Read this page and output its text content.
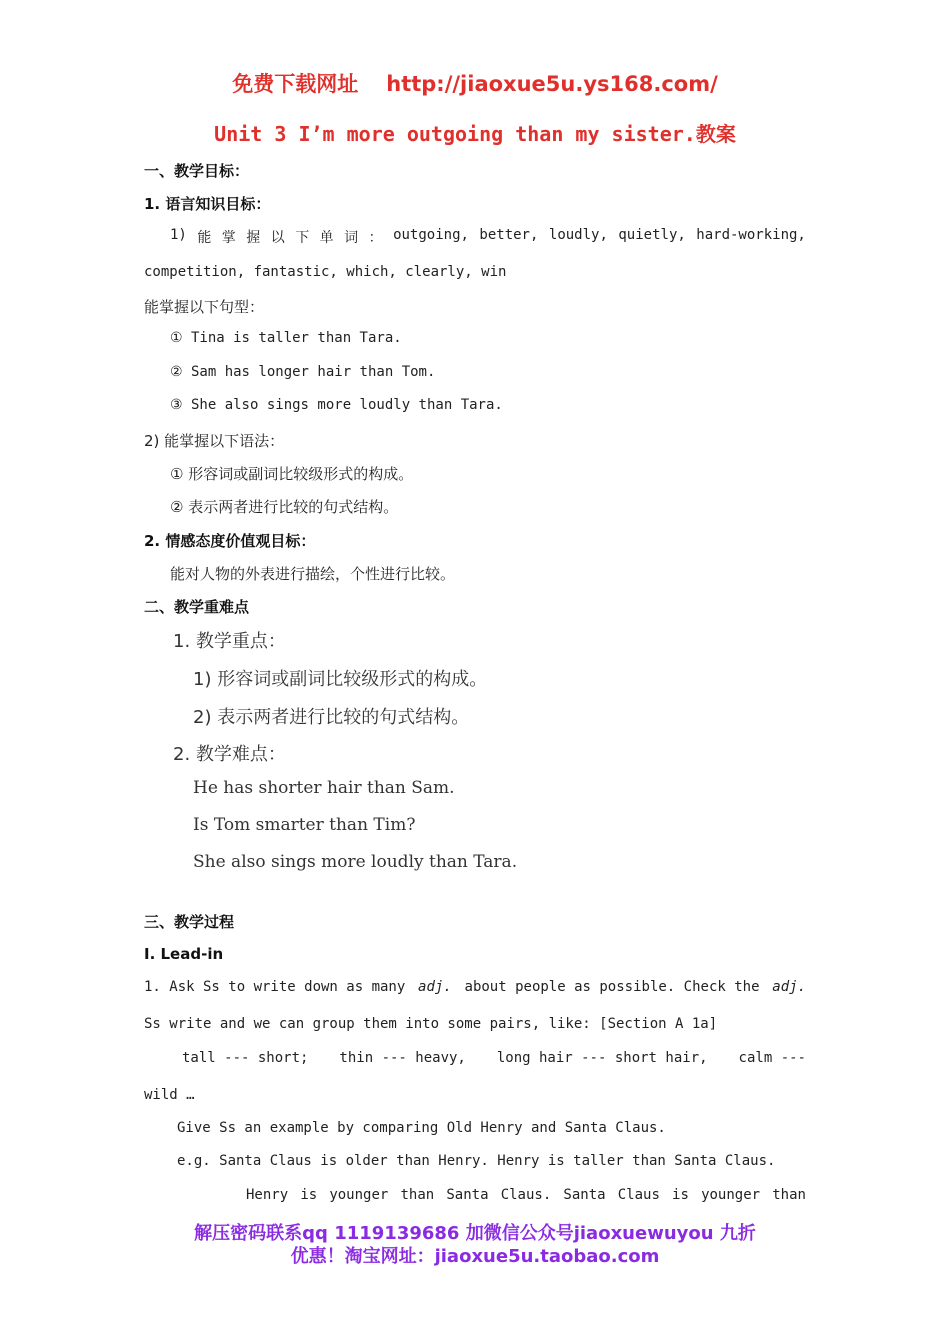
免费下载网址 http://jiaoxue5u.ys168.com/
Unit 3 I’m more outgoing than my sister.教案
一、教学目标：
1. 语言知识目标：
1) 能 掌 握 以 下 单 词 ： outgoing, better, loudly, quietly, hard-working,
competition, fantastic, which, clearly, win
能掌握以下句型：
① Tina is taller than Tara.
② Sam has longer hair than Tom.
③ She also sings more loudly than Tara.
2) 能掌握以下语法：
① 形容词或副词比较级形式的构成。
② 表示两者进行比较的句式结构。
2. 情感态度价值观目标：
能对人物的外表进行描绘，个性进行比较。
二、教学重难点
1. 教学重点：
1) 形容词或副词比较级形式的构成。
2) 表示两者进行比较的句式结构。
2. 教学难点：
He has shorter hair than Sam.
Is Tom smarter than Tim?
She also sings more loudly than Tara.
三、教学过程
Ⅰ. Lead-in
1. Ask Ss to write down as many adj. about people as possible. Check the adj.
Ss write and we can group them into some pairs, like: [Section A 1a]
tall --- short; thin --- heavy, long hair --- short hair, calm ---
wild …
Give Ss an example by comparing Old Henry and Santa Claus.
e.g. Santa Claus is older than Henry. Henry is taller than Santa Claus.
Henry is younger than Santa Claus. Santa Claus is younger than
解压密码联系qq 1119139686 加微信公众号jiaoxuewuyou 九折
优惠！淘宝网址：jiaoxue5u.taobao.com
